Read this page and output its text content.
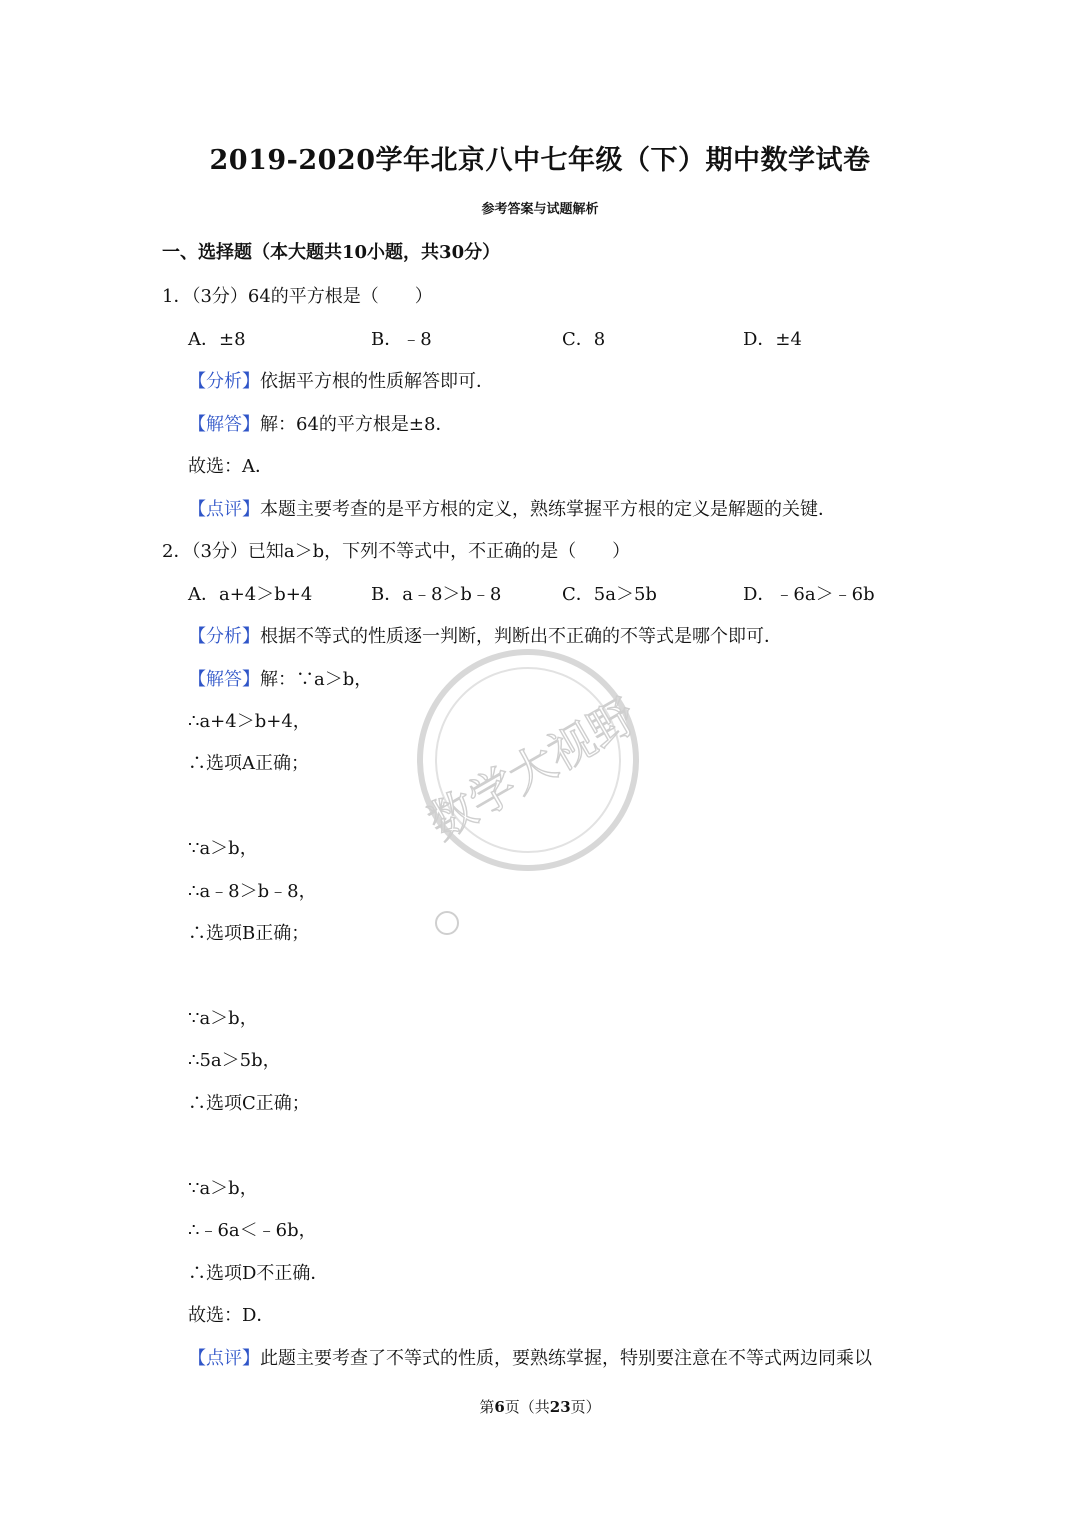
2019-2020学年北京八中七年级（下）期中数学试卷
参考答案与试题解析
一、选择题（本大题共10小题，共30分）
1．（3分）64的平方根是（　　）
A．±8	B．﹣8	C．8	D．±4
【分析】依据平方根的性质解答即可．
【解答】解：64的平方根是±8．
故选：A．
【点评】本题主要考查的是平方根的定义，熟练掌握平方根的定义是解题的关键．
2．（3分）已知a＞b，下列不等式中，不正确的是（　　）
A．a+4＞b+4	B．a﹣8＞b﹣8	C．5a＞5b	D．﹣6a＞﹣6b
【分析】根据不等式的性质逐一判断，判断出不正确的不等式是哪个即可．
【解答】解：∵a＞b，
∴a+4＞b+4，
∴选项A正确；
∵a＞b，
∴a﹣8＞b﹣8，
∴选项B正确；
∵a＞b，
∴5a＞5b，
∴选项C正确；
∵a＞b，
∴﹣6a＜﹣6b，
∴选项D不正确．
故选：D．
【点评】此题主要考查了不等式的性质，要熟练掌握，特别要注意在不等式两边同乘以
数学大视野
第6页（共23页）
